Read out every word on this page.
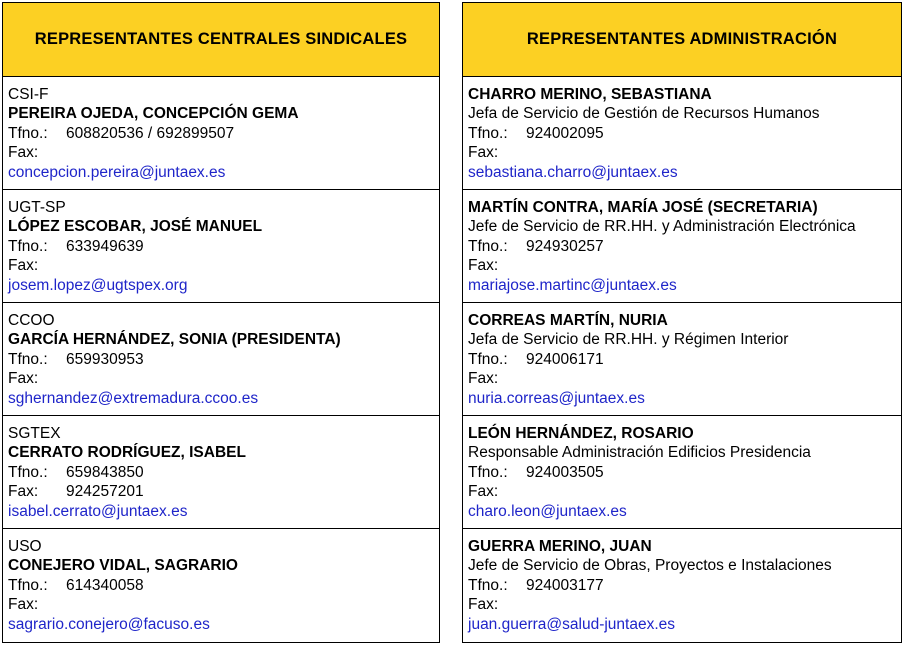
REPRESENTANTES CENTRALES SINDICALES
CSI-F
PEREIRA OJEDA, CONCEPCIÓN GEMA
Tfno.: 608820536 / 692899507
Fax:
concepcion.pereira@juntaex.es
UGT-SP
LÓPEZ ESCOBAR, JOSÉ MANUEL
Tfno.: 633949639
Fax:
josem.lopez@ugtspex.org
CCOO
GARCÍA HERNÁNDEZ, SONIA (PRESIDENTA)
Tfno.: 659930953
Fax:
sghernandez@extremadura.ccoo.es
SGTEX
CERRATO RODRÍGUEZ, ISABEL
Tfno.: 659843850
Fax: 924257201
isabel.cerrato@juntaex.es
USO
CONEJERO VIDAL, SAGRARIO
Tfno.: 614340058
Fax:
sagrario.conejero@facuso.es
REPRESENTANTES ADMINISTRACIÓN
CHARRO MERINO, SEBASTIANA
Jefa de Servicio de Gestión de Recursos Humanos
Tfno.: 924002095
Fax:
sebastiana.charro@juntaex.es
MARTÍN CONTRA, MARÍA JOSÉ (SECRETARIA)
Jefe de Servicio de RR.HH. y Administración Electrónica
Tfno.: 924930257
Fax:
mariajose.martinc@juntaex.es
CORREAS MARTÍN, NURIA
Jefa de Servicio de RR.HH. y Régimen Interior
Tfno.: 924006171
Fax:
nuria.correas@juntaex.es
LEÓN HERNÁNDEZ, ROSARIO
Responsable Administración Edificios Presidencia
Tfno.: 924003505
Fax:
charo.leon@juntaex.es
GUERRA MERINO, JUAN
Jefe de Servicio de Obras, Proyectos e Instalaciones
Tfno.: 924003177
Fax:
juan.guerra@salud-juntaex.es
